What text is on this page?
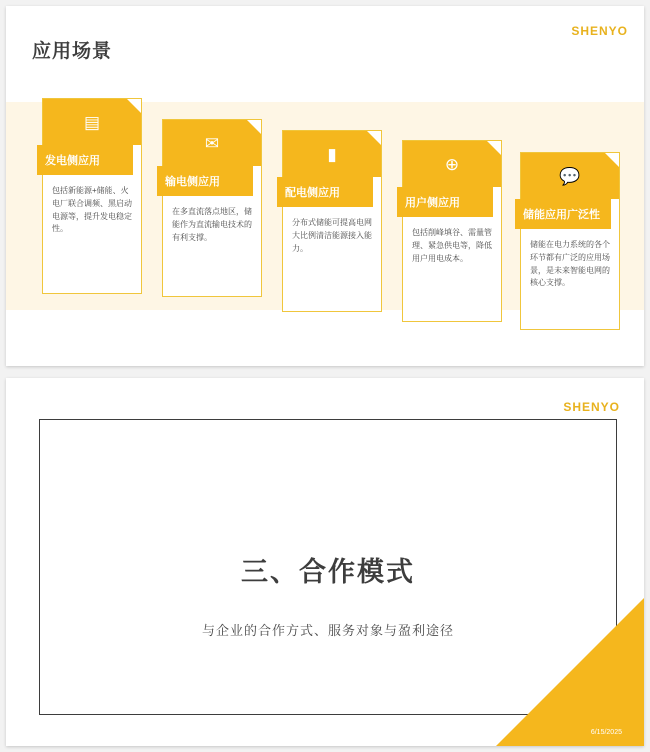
SHENYO
应用场景
▤
发电侧应用
包括新能源+储能、火电厂联合调频、黑启动电源等，提升发电稳定性。
✉
输电侧应用
在多直流落点地区，储能作为直流输电技术的有利支撑。
▮
配电侧应用
分布式储能可提高电网大比例清洁能源接入能力。
⊕
用户侧应用
包括削峰填谷、需量管理、紧急供电等，降低用户用电成本。
💬
储能应用广泛性
储能在电力系统的各个环节都有广泛的应用场景，是未来智能电网的核心支撑。
SHENYO
三、合作模式
与企业的合作方式、服务对象与盈利途径
6/15/2025
